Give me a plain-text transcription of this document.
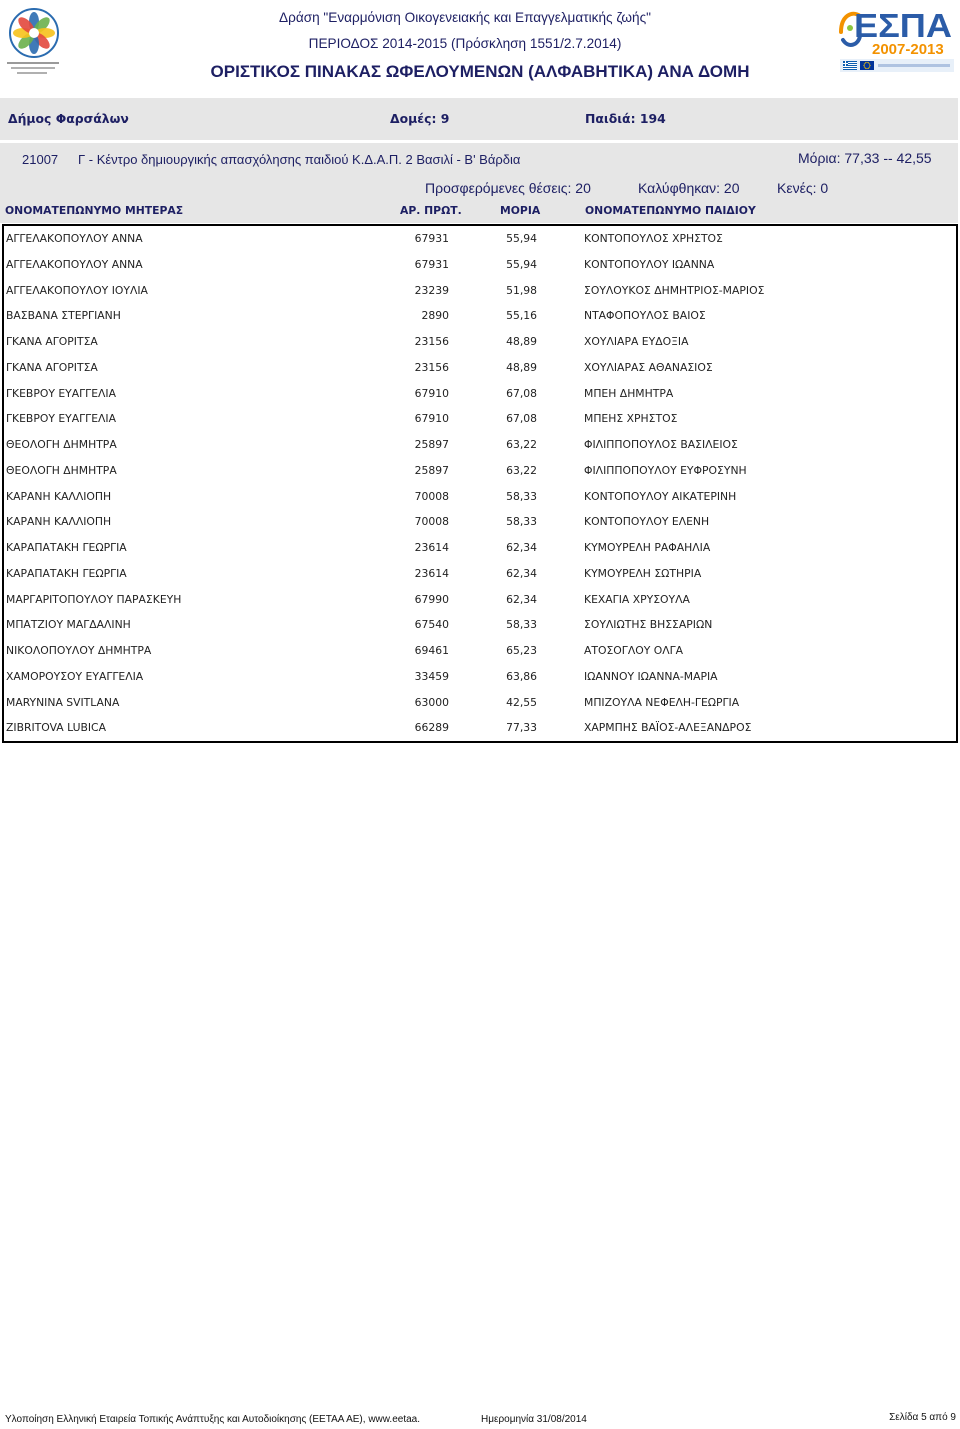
Δράση "Εναρμόνιση Οικογενειακής και Επαγγελματικής ζωής"
ΠΕΡΙΟΔΟΣ 2014-2015 (Πρόσκληση 1551/2.7.2014)
ΟΡΙΣΤΙΚΟΣ ΠΙΝΑΚΑΣ ΩΦΕΛΟΥΜΕΝΩΝ (ΑΛΦΑΒΗΤΙΚΑ) ΑΝΑ ΔΟΜΗ
ΕΣΠΑ
2007-2013
Δήμος Φαρσάλων	Δομές: 9	Παιδιά: 194
21007 Γ - Κέντρο δημιουργικής απασχόλησης παιδιού Κ.Δ.Α.Π. 2 Βασιλί - Β' Βάρδια	Μόρια: 77,33 -- 42,55
Προσφερόμενες θέσεις: 20	Καλύφθηκαν: 20	Κενές: 0
ΟΝΟΜΑΤΕΠΩΝΥΜΟ ΜΗΤΕΡΑΣ	ΑΡ. ΠΡΩΤ.	ΜΟΡΙΑ	ΟΝΟΜΑΤΕΠΩΝΥΜΟ ΠΑΙΔΙΟΥ
ΑΓΓΕΛΑΚΟΠΟΥΛΟΥ ΑΝΝΑ	67931	55,94	ΚΟΝΤΟΠΟΥΛΟΣ ΧΡΗΣΤΟΣ
ΑΓΓΕΛΑΚΟΠΟΥΛΟΥ ΑΝΝΑ	67931	55,94	ΚΟΝΤΟΠΟΥΛΟΥ ΙΩΑΝΝΑ
ΑΓΓΕΛΑΚΟΠΟΥΛΟΥ ΙΟΥΛΙΑ	23239	51,98	ΣΟΥΛΟΥΚΟΣ ΔΗΜΗΤΡΙΟΣ-ΜΑΡΙΟΣ
ΒΑΣΒΑΝΑ ΣΤΕΡΓΙΑΝΗ	2890	55,16	ΝΤΑΦΟΠΟΥΛΟΣ ΒΑΙΟΣ
ΓΚΑΝΑ ΑΓΟΡΙΤΣΑ	23156	48,89	ΧΟΥΛΙΑΡΑ ΕΥΔΟΞΙΑ
ΓΚΑΝΑ ΑΓΟΡΙΤΣΑ	23156	48,89	ΧΟΥΛΙΑΡΑΣ ΑΘΑΝΑΣΙΟΣ
ΓΚΕΒΡΟΥ ΕΥΑΓΓΕΛΙΑ	67910	67,08	ΜΠΕΗ ΔΗΜΗΤΡΑ
ΓΚΕΒΡΟΥ ΕΥΑΓΓΕΛΙΑ	67910	67,08	ΜΠΕΗΣ ΧΡΗΣΤΟΣ
ΘΕΟΛΟΓΗ ΔΗΜΗΤΡΑ	25897	63,22	ΦΙΛΙΠΠΟΠΟΥΛΟΣ ΒΑΣΙΛΕΙΟΣ
ΘΕΟΛΟΓΗ ΔΗΜΗΤΡΑ	25897	63,22	ΦΙΛΙΠΠΟΠΟΥΛΟΥ ΕΥΦΡΟΣΥΝΗ
ΚΑΡΑΝΗ ΚΑΛΛΙΟΠΗ	70008	58,33	ΚΟΝΤΟΠΟΥΛΟΥ ΑΙΚΑΤΕΡΙΝΗ
ΚΑΡΑΝΗ ΚΑΛΛΙΟΠΗ	70008	58,33	ΚΟΝΤΟΠΟΥΛΟΥ ΕΛΕΝΗ
ΚΑΡΑΠΑΤΑΚΗ ΓΕΩΡΓΙΑ	23614	62,34	ΚΥΜΟΥΡΕΛΗ ΡΑΦΑΗΛΙΑ
ΚΑΡΑΠΑΤΑΚΗ ΓΕΩΡΓΙΑ	23614	62,34	ΚΥΜΟΥΡΕΛΗ ΣΩΤΗΡΙΑ
ΜΑΡΓΑΡΙΤΟΠΟΥΛΟΥ ΠΑΡΑΣΚΕΥΗ	67990	62,34	ΚΕΧΑΓΙΑ ΧΡΥΣΟΥΛΑ
ΜΠΑΤΖΙΟΥ ΜΑΓΔΑΛΙΝΗ	67540	58,33	ΣΟΥΛΙΩΤΗΣ ΒΗΣΣΑΡΙΩΝ
ΝΙΚΟΛΟΠΟΥΛΟΥ ΔΗΜΗΤΡΑ	69461	65,23	ΑΤΟΣΟΓΛΟΥ ΟΛΓΑ
ΧΑΜΟΡΟΥΣΟΥ ΕΥΑΓΓΕΛΙΑ	33459	63,86	ΙΩΑΝΝΟΥ ΙΩΑΝΝΑ-ΜΑΡΙΑ
MARYNINA SVITLANA	63000	42,55	ΜΠΙΖΟΥΛΑ ΝΕΦΕΛΗ-ΓΕΩΡΓΙΑ
ZIBRITOVA LUBICA	66289	77,33	ΧΑΡΜΠΗΣ ΒΑΪΟΣ-ΑΛΕΞΑΝΔΡΟΣ
Υλοποίηση Ελληνική Εταιρεία Τοπικής Ανάπτυξης και Αυτοδιοίκησης (ΕΕΤΑΑ ΑΕ), www.eetaa.	Ημερομηνία 31/08/2014	Σελίδα 5 από 9
